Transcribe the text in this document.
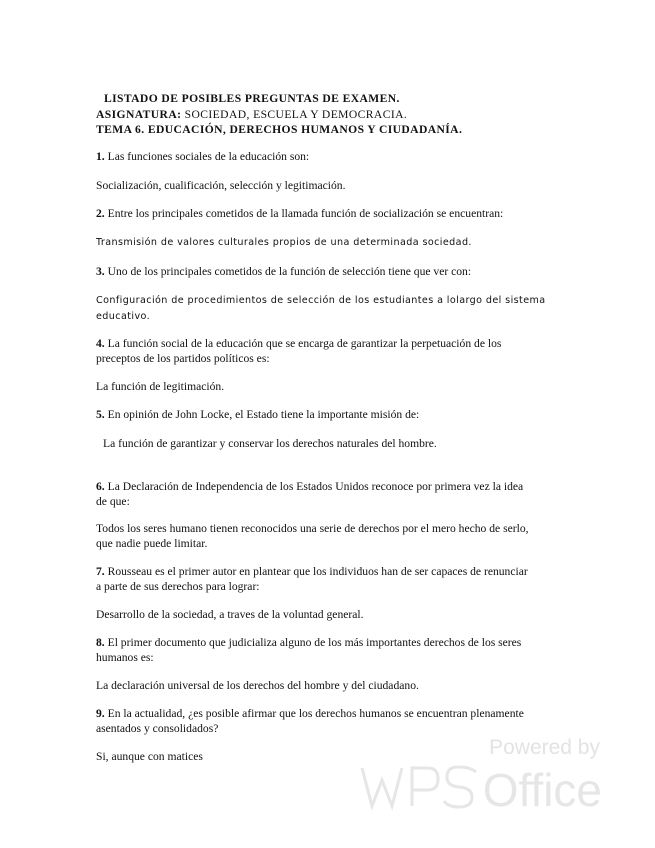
LISTADO DE POSIBLES PREGUNTAS DE EXAMEN.
ASIGNATURA: SOCIEDAD, ESCUELA Y DEMOCRACIA.
TEMA 6. EDUCACIÓN, DERECHOS HUMANOS Y CIUDADANÍA.
1. Las funciones sociales de la educación son:
Socialización, cualificación, selección y legitimación.
2. Entre los principales cometidos de la llamada función de socialización se encuentran:
Transmisión de valores culturales propios de una determinada sociedad.
3. Uno de los principales cometidos de la función de selección tiene que ver con:
Configuración de procedimientos de selección de los estudiantes a lolargo del sistema
educativo.
4. La función social de la educación que se encarga de garantizar la perpetuación de los
preceptos de los partidos políticos es:
La función de legitimación.
5. En opinión de John Locke, el Estado tiene la importante misión de:
La función de garantizar y conservar los derechos naturales del hombre.
6. La Declaración de Independencia de los Estados Unidos reconoce por primera vez la idea
de que:
Todos los seres humano tienen reconocidos una serie de derechos por el mero hecho de serlo,
que nadie puede limitar.
7. Rousseau es el primer autor en plantear que los individuos han de ser capaces de renunciar
a parte de sus derechos para lograr:
Desarrollo de la sociedad, a traves de la voluntad general.
8. El primer documento que judicializa alguno de los más importantes derechos de los seres
humanos es:
La declaración universal de los derechos del hombre y del ciudadano.
9. En la actualidad, ¿es posible afirmar que los derechos humanos se encuentran plenamente
asentados y consolidados?
Si, aunque con matices	Powered by
Office
